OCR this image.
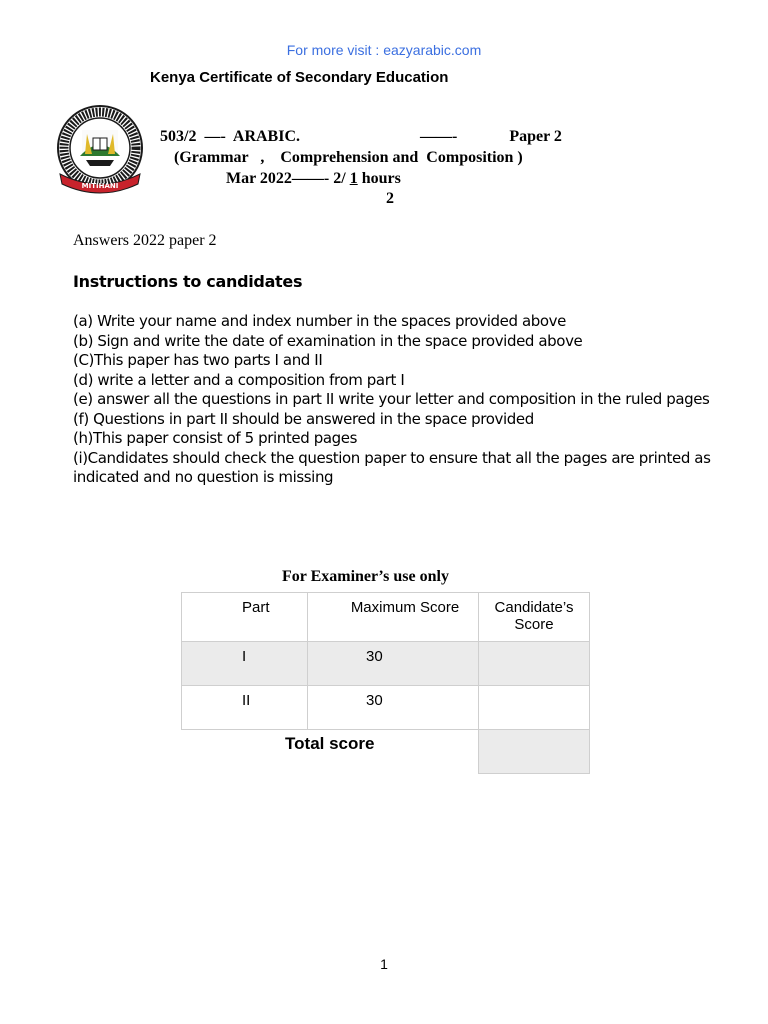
For more visit : eazyarabic.com
Kenya Certificate of Secondary Education
MITIHANI
503/2  —-  ARABIC.	——-             Paper 2
(Grammar   ,    Comprehension and  Composition )
Mar 2022——- 2/ 1 hours
2
Answers 2022 paper 2
Instructions to candidates
(a) Write your name and index number in the spaces provided above
(b) Sign and write the date of examination in the space provided above
(C)This paper has two parts I and II
(d) write a letter and a composition from part I
(e) answer all the questions in part II write your letter and composition in the ruled pages
(f) Questions in part II should be answered in the space provided
(h)This paper consist of 5 printed pages
(i)Candidates should check the question paper to ensure that all the pages are printed as indicated and no question is missing
For Examiner’s use only
Part	Maximum Score	Candidate’s Score

I	30	

II	30	

Total score		

1
